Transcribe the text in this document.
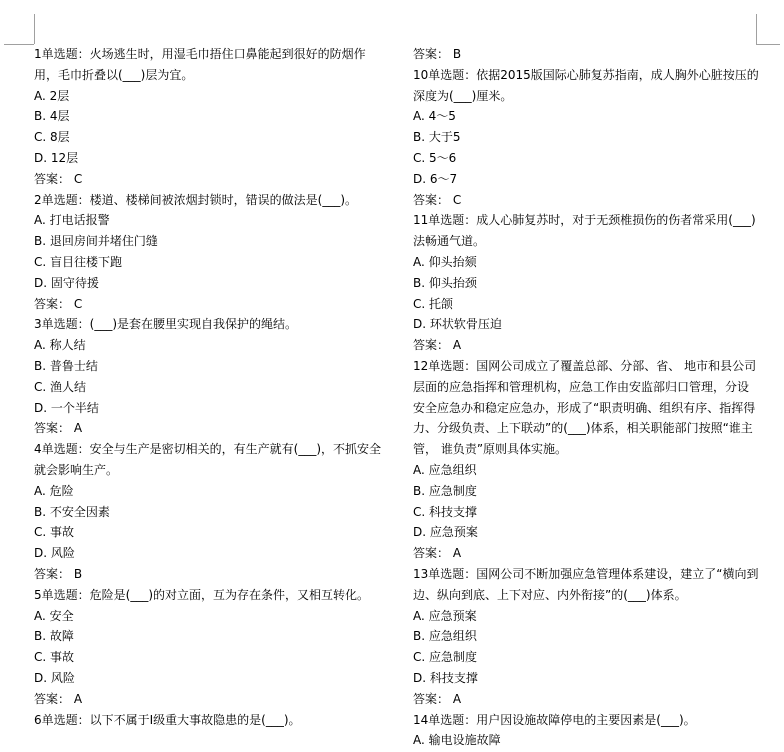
1单选题：火场逃生时，用湿毛巾捂住口鼻能起到很好的防烟作用，毛巾折叠以(___)层为宜。

A. 2层

B. 4层

C. 8层

D. 12层

答案： C

2单选题：楼道、楼梯间被浓烟封锁时，错误的做法是(___)。

A. 打电话报警

B. 退回房间并堵住门缝

C. 盲目往楼下跑

D. 固守待援

答案： C

3单选题：(___)是套在腰里实现自我保护的绳结。

A. 称人结

B. 普鲁士结

C. 渔人结

D. 一个半结

答案： A

4单选题：安全与生产是密切相关的，有生产就有(___)，不抓安全就会影响生产。

A. 危险

B. 不安全因素

C. 事故

D. 风险

答案： B

5单选题：危险是(___)的对立面，互为存在条件，又相互转化。

A. 安全

B. 故障

C. 事故

D. 风险

答案： A

6单选题：以下不属于Ⅰ级重大事故隐患的是(___)。

答案： B

10单选题：依据2015版国际心肺复苏指南，成人胸外心脏按压的深度为(___)厘米。

A. 4～5

B. 大于5

C. 5～6

D. 6～7

答案： C

11单选题：成人心肺复苏时，对于无颈椎损伤的伤者常采用(___)法畅通气道。

A. 仰头抬颏

B. 仰头抬颈

C. 托颌

D. 环状软骨压迫

答案： A

12单选题：国网公司成立了覆盖总部、分部、省、 地市和县公司层面的应急指挥和管理机构，应急工作由安监部归口管理，分设安全应急办和稳定应急办，形成了“职责明确、组织有序、指挥得力、分级负责、上下联动”的(___)体系，相关职能部门按照“谁主管， 谁负责”原则具体实施。

A. 应急组织

B. 应急制度

C. 科技支撑

D. 应急预案

答案： A

13单选题：国网公司不断加强应急管理体系建设，建立了“横向到边、纵向到底、上下对应、内外衔接”的(___)体系。

A. 应急预案

B. 应急组织

C. 应急制度

D. 科技支撑

答案： A

14单选题：用户因设施故障停电的主要因素是(___)。

A. 输电设施故障
